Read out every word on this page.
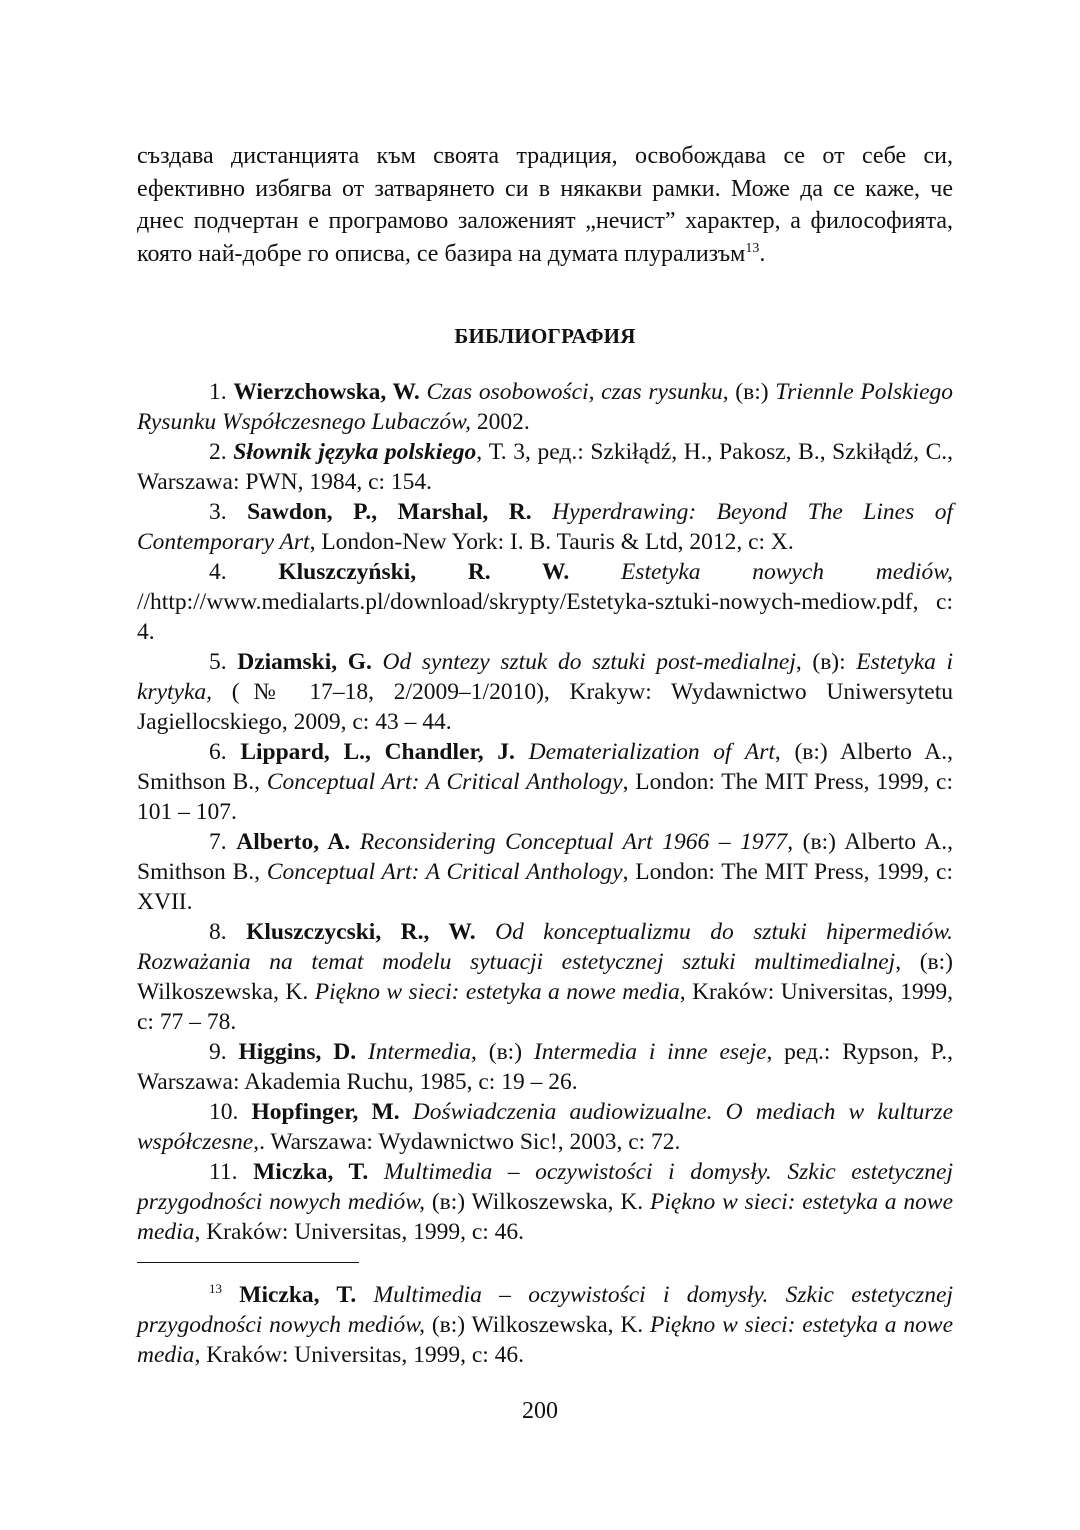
създава дистанцията към своята традиция, освобождава се от себе си, ефективно избягва от затварянето си в някакви рамки. Може да се каже, че днес подчертан е програмово заложеният „нечист” характер, а философията, която най-добре го описва, се базира на думата плурализъм$^{13}$.

БИБЛИОГРАФИЯ

1. Wierzchowska, W. Czas osobowości, czas rysunku, (в:) Triennle Polskiego Rysunku Współczesnego Lubaczów, 2002.

2. Słownik języka polskiego, Т. 3, ред.: Szkiłądź, H., Pakosz, B., Szkiłądź, C., Warszawa: PWN, 1984, с: 154.

3. Sawdon, P., Marshal, R. Hyperdrawing: Beyond The Lines of Contemporary Art, London-New York: I. B. Tauris & Ltd, 2012, с: X.

4. Kluszczyński, R. W. Estetyka nowych mediów, //http://www.medialarts.pl/download/skrypty/Estetyka-sztuki-nowych-mediow.pdf, с: 4.

5. Dziamski, G. Od syntezy sztuk do sztuki post-medialnej, (в): Estetyka i krytyka, (№ 17–18, 2/2009–1/2010), Krakyw: Wydawnictwo Uniwersytetu Jagiellocskiego, 2009, с: 43 – 44.

6. Lippard, L., Chandler, J. Dematerialization of Art, (в:) Alberto A., Smithson B., Conceptual Art: A Critical Anthology, London: The MIT Press, 1999, с: 101 – 107.

7. Alberto, A. Reconsidering Conceptual Art 1966 – 1977, (в:) Alberto A., Smithson B., Conceptual Art: A Critical Anthology, London: The MIT Press, 1999, с: XVII.

8. Kluszczycski, R., W. Od konceptualizmu do sztuki hipermediów. Rozważania na temat modelu sytuacji estetycznej sztuki multimedialnej, (в:) Wilkoszewska, K. Piękno w sieci: estetyka a nowe media, Kraków: Universitas, 1999, с: 77 – 78.

9. Higgins, D. Intermedia, (в:) Intermedia i inne eseje, ред.: Rypson, P., Warszawa: Akademia Ruchu, 1985, с: 19 – 26.

10. Hopfinger, M. Doświadczenia audiowizualne. O mediach w kulturze współczesne,. Warszawa: Wydawnictwo Sic!, 2003, с: 72.

11. Miczka, T. Multimedia – oczywistości i domysły. Szkic estetycznej przygodności nowych mediów, (в:) Wilkoszewska, K. Piękno w sieci: estetyka a nowe media, Kraków: Universitas, 1999, с: 46.

$^{13}$ Miczka, T. Multimedia – oczywistości i domysły. Szkic estetycznej przygodności nowych mediów, (в:) Wilkoszewska, K. Piękno w sieci: estetyka a nowe media, Kraków: Universitas, 1999, с: 46.

200
